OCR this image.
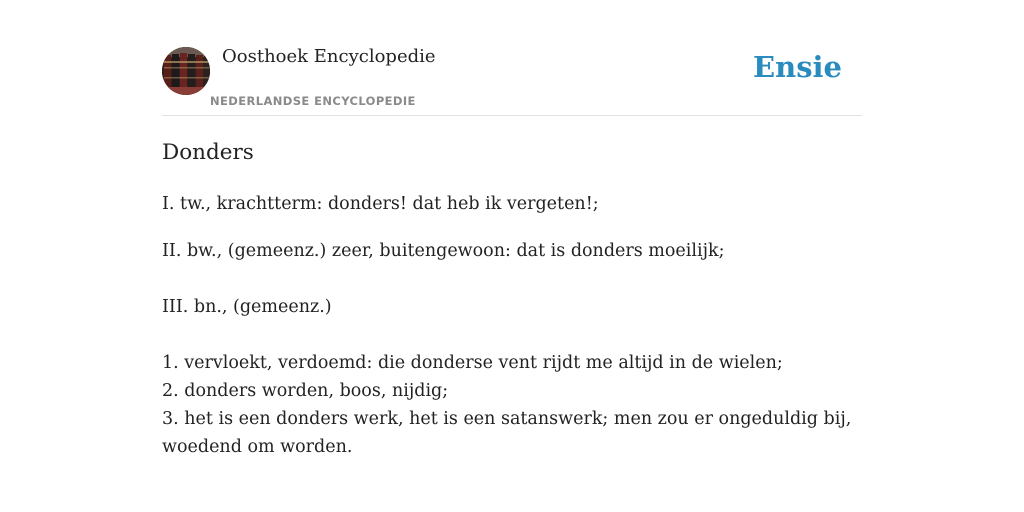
Oosthoek Encyclopedie
NEDERLANDSE ENCYCLOPEDIE
Ensie
Donders
I. tw., krachtterm: donders! dat heb ik vergeten!;
II. bw., (gemeenz.) zeer, buitengewoon: dat is donders moeilijk;
III. bn., (gemeenz.)
1. vervloekt, verdoemd: die donderse vent rijdt me altijd in de wielen;
2. donders worden, boos, nijdig;
3. het is een donders werk, het is een satanswerk; men zou er ongeduldig bij,
woedend om worden.
